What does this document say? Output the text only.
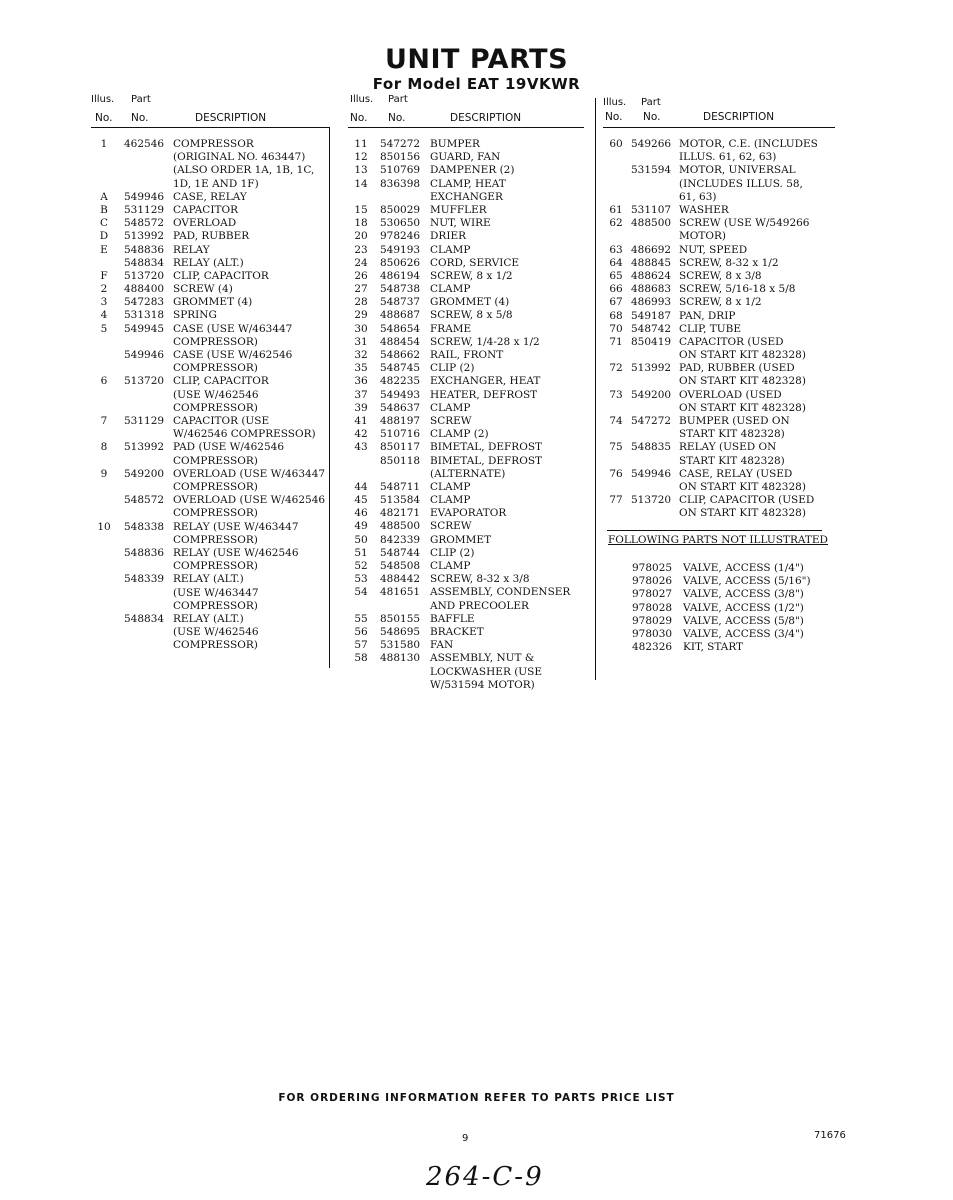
UNIT PARTS
For Model EAT 19VKWR
Illus. Part
No. No.	DESCRIPTION
1	462546 COMPRESSOR
(ORIGINAL NO. 463447)
(ALSO ORDER 1A, 1B, 1C,
1D, 1E AND 1F)
A	549946 CASE, RELAY
B	531129 CAPACITOR
C	548572 OVERLOAD
D	513992 PAD, RUBBER
E	548836 RELAY
548834 RELAY (ALT.)
F	513720 CLIP, CAPACITOR
2	488400 SCREW (4)
3	547283 GROMMET (4)
4	531318 SPRING
5	549945 CASE (USE W/463447
COMPRESSOR)
549946 CASE (USE W/462546
COMPRESSOR)
6	513720 CLIP, CAPACITOR
(USE W/462546
COMPRESSOR)
7	531129 CAPACITOR (USE
W/462546 COMPRESSOR)
8	513992 PAD (USE W/462546
COMPRESSOR)
9	549200 OVERLOAD (USE W/463447
COMPRESSOR)
548572 OVERLOAD (USE W/462546
COMPRESSOR)
10	548338 RELAY (USE W/463447
COMPRESSOR)
548836 RELAY (USE W/462546
COMPRESSOR)
548339 RELAY (ALT.)
(USE W/463447
COMPRESSOR)
548834 RELAY (ALT.)
(USE W/462546
COMPRESSOR)
Illus. Part
No. No.	DESCRIPTION
11	547272 BUMPER
12	850156 GUARD, FAN
13	510769 DAMPENER (2)
14	836398 CLAMP, HEAT
EXCHANGER
15	850029 MUFFLER
18	530650 NUT, WIRE
20	978246 DRIER
23	549193 CLAMP
24	850626 CORD, SERVICE
26	486194 SCREW, 8 x 1/2
27	548738 CLAMP
28	548737 GROMMET (4)
29	488687 SCREW, 8 x 5/8
30	548654 FRAME
31	488454 SCREW, 1/4-28 x 1/2
32	548662 RAIL, FRONT
35	548745 CLIP (2)
36	482235 EXCHANGER, HEAT
37	549493 HEATER, DEFROST
39	548637 CLAMP
41	488197 SCREW
42	510716 CLAMP (2)
43	850117 BIMETAL, DEFROST
850118 BIMETAL, DEFROST
(ALTERNATE)
44	548711 CLAMP
45	513584 CLAMP
46	482171 EVAPORATOR
49	488500 SCREW
50	842339 GROMMET
51	548744 CLIP (2)
52	548508 CLAMP
53	488442 SCREW, 8-32 x 3/8
54	481651 ASSEMBLY, CONDENSER
AND PRECOOLER
55	850155 BAFFLE
56	548695 BRACKET
57	531580 FAN
58	488130 ASSEMBLY, NUT &
LOCKWASHER (USE
W/531594 MOTOR)
Illus. Part
No. No.	DESCRIPTION
60 549266 MOTOR, C.E. (INCLUDES
ILLUS. 61, 62, 63)
531594 MOTOR, UNIVERSAL
(INCLUDES ILLUS. 58,
61, 63)
61 531107 WASHER
62 488500 SCREW (USE W/549266
MOTOR)
63 486692 NUT, SPEED
64 488845 SCREW, 8-32 x 1/2
65 488624 SCREW, 8 x 3/8
66 488683 SCREW, 5/16-18 x 5/8
67 486993 SCREW, 8 x 1/2
68 549187 PAN, DRIP
70 548742 CLIP, TUBE
71 850419 CAPACITOR (USED
ON START KIT 482328)
72 513992 PAD, RUBBER (USED
ON START KIT 482328)
73 549200 OVERLOAD (USED
ON START KIT 482328)
74 547272 BUMPER (USED ON
START KIT 482328)
75 548835 RELAY (USED ON
START KIT 482328)
76 549946 CASE, RELAY (USED
ON START KIT 482328)
77 513720 CLIP, CAPACITOR (USED
ON START KIT 482328)
FOLLOWING PARTS NOT ILLUSTRATED
978025 VALVE, ACCESS (1/4")
978026 VALVE, ACCESS (5/16")
978027 VALVE, ACCESS (3/8")
978028 VALVE, ACCESS (1/2")
978029 VALVE, ACCESS (5/8")
978030 VALVE, ACCESS (3/4")
482326 KIT, START
FOR ORDERING INFORMATION REFER TO PARTS PRICE LIST
9	71676
264-C-9
